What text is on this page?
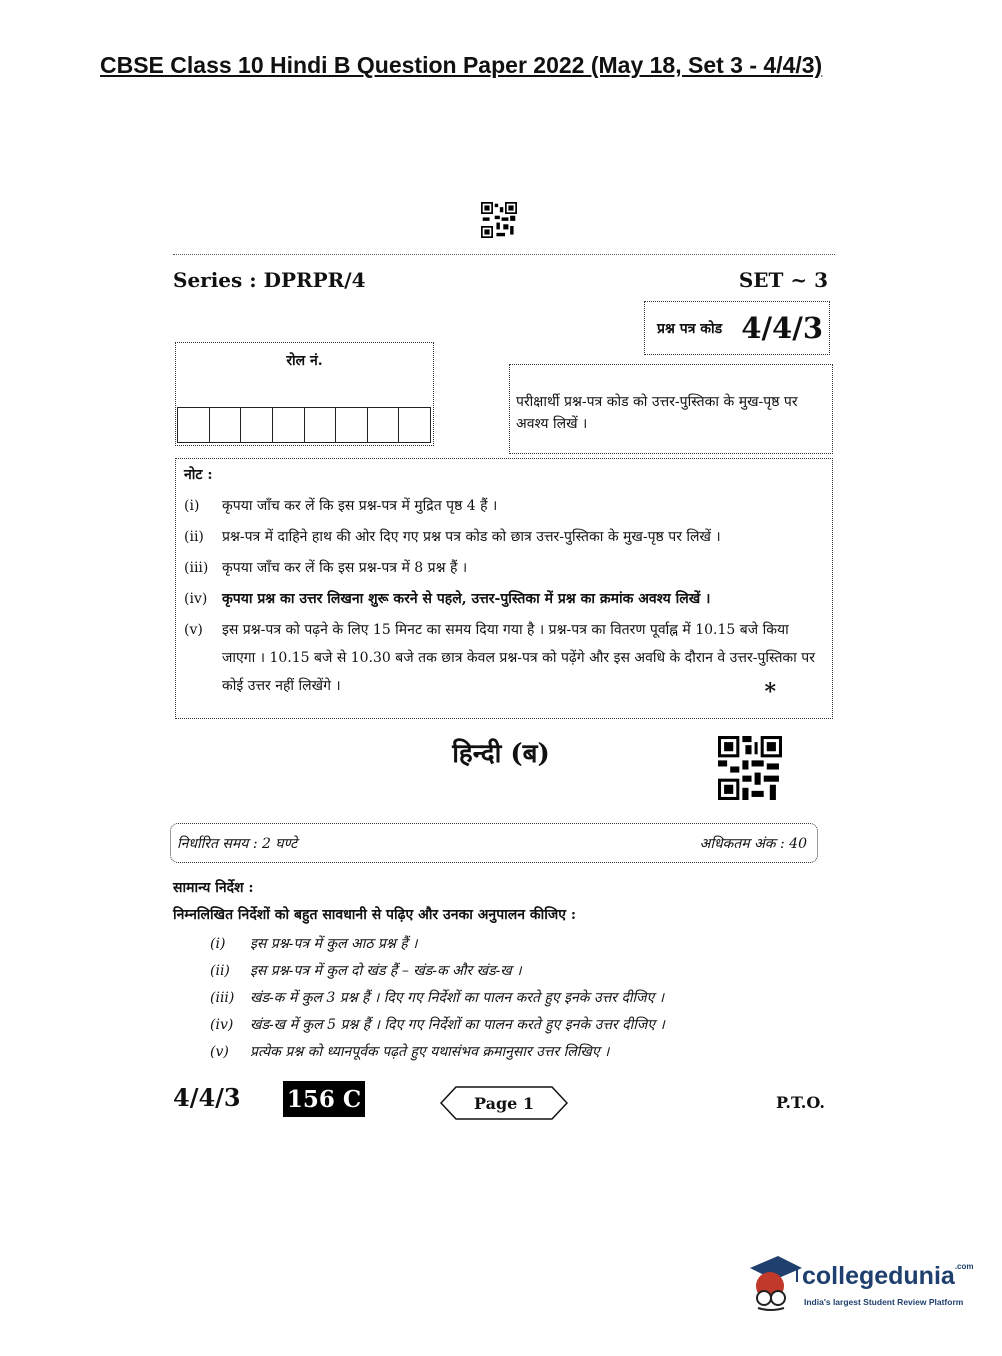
CBSE Class 10 Hindi B Question Paper 2022 (May 18, Set 3 - 4/4/3)
Series : DPRPR/4	SET ~ 3
प्रश्न पत्र कोड 4/4/3
रोल नं.
परीक्षार्थी प्रश्न-पत्र कोड को उत्तर-पुस्तिका के मुख-पृष्ठ पर अवश्य लिखें ।
नोट :
(i)	कृपया जाँच कर लें कि इस प्रश्न-पत्र में मुद्रित पृष्ठ 4 हैं ।
(ii)	प्रश्न-पत्र में दाहिने हाथ की ओर दिए गए प्रश्न पत्र कोड को छात्र उत्तर-पुस्तिका के मुख-पृष्ठ पर लिखें ।
(iii) कृपया जाँच कर लें कि इस प्रश्न-पत्र में 8 प्रश्न हैं ।
(iv)	कृपया प्रश्न का उत्तर लिखना शुरू करने से पहले, उत्तर-पुस्तिका में प्रश्न का क्रमांक अवश्य लिखें ।
(v)	इस प्रश्न-पत्र को पढ़ने के लिए 15 मिनट का समय दिया गया है । प्रश्न-पत्र का वितरण पूर्वाह्न में 10.15 बजे किया जाएगा । 10.15 बजे से 10.30 बजे तक छात्र केवल प्रश्न-पत्र को पढ़ेंगे और इस अवधि के दौरान वे उत्तर-पुस्तिका पर कोई उत्तर नहीं लिखेंगे ।	*
हिन्दी (ब)
निर्धारित समय : 2 घण्टे	अधिकतम अंक : 40
सामान्य निर्देश :
निम्नलिखित निर्देशों को बहुत सावधानी से पढ़िए और उनका अनुपालन कीजिए :
(i)	इस प्रश्न-पत्र में कुल आठ प्रश्न हैं ।
(ii)	इस प्रश्न-पत्र में कुल दो खंड हैं – खंड-क और खंड-ख ।
(iii)	खंड-क में कुल 3 प्रश्न हैं । दिए गए निर्देशों का पालन करते हुए इनके उत्तर दीजिए ।
(iv)	खंड-ख में कुल 5 प्रश्न हैं । दिए गए निर्देशों का पालन करते हुए इनके उत्तर दीजिए ।
(v)	प्रत्येक प्रश्न को ध्यानपूर्वक पढ़ते हुए यथासंभव क्रमानुसार उत्तर लिखिए ।
4/4/3 156 C	Page 1	P.T.O.
collegedunia$^{.com}$
India's largest Student Review Platform
